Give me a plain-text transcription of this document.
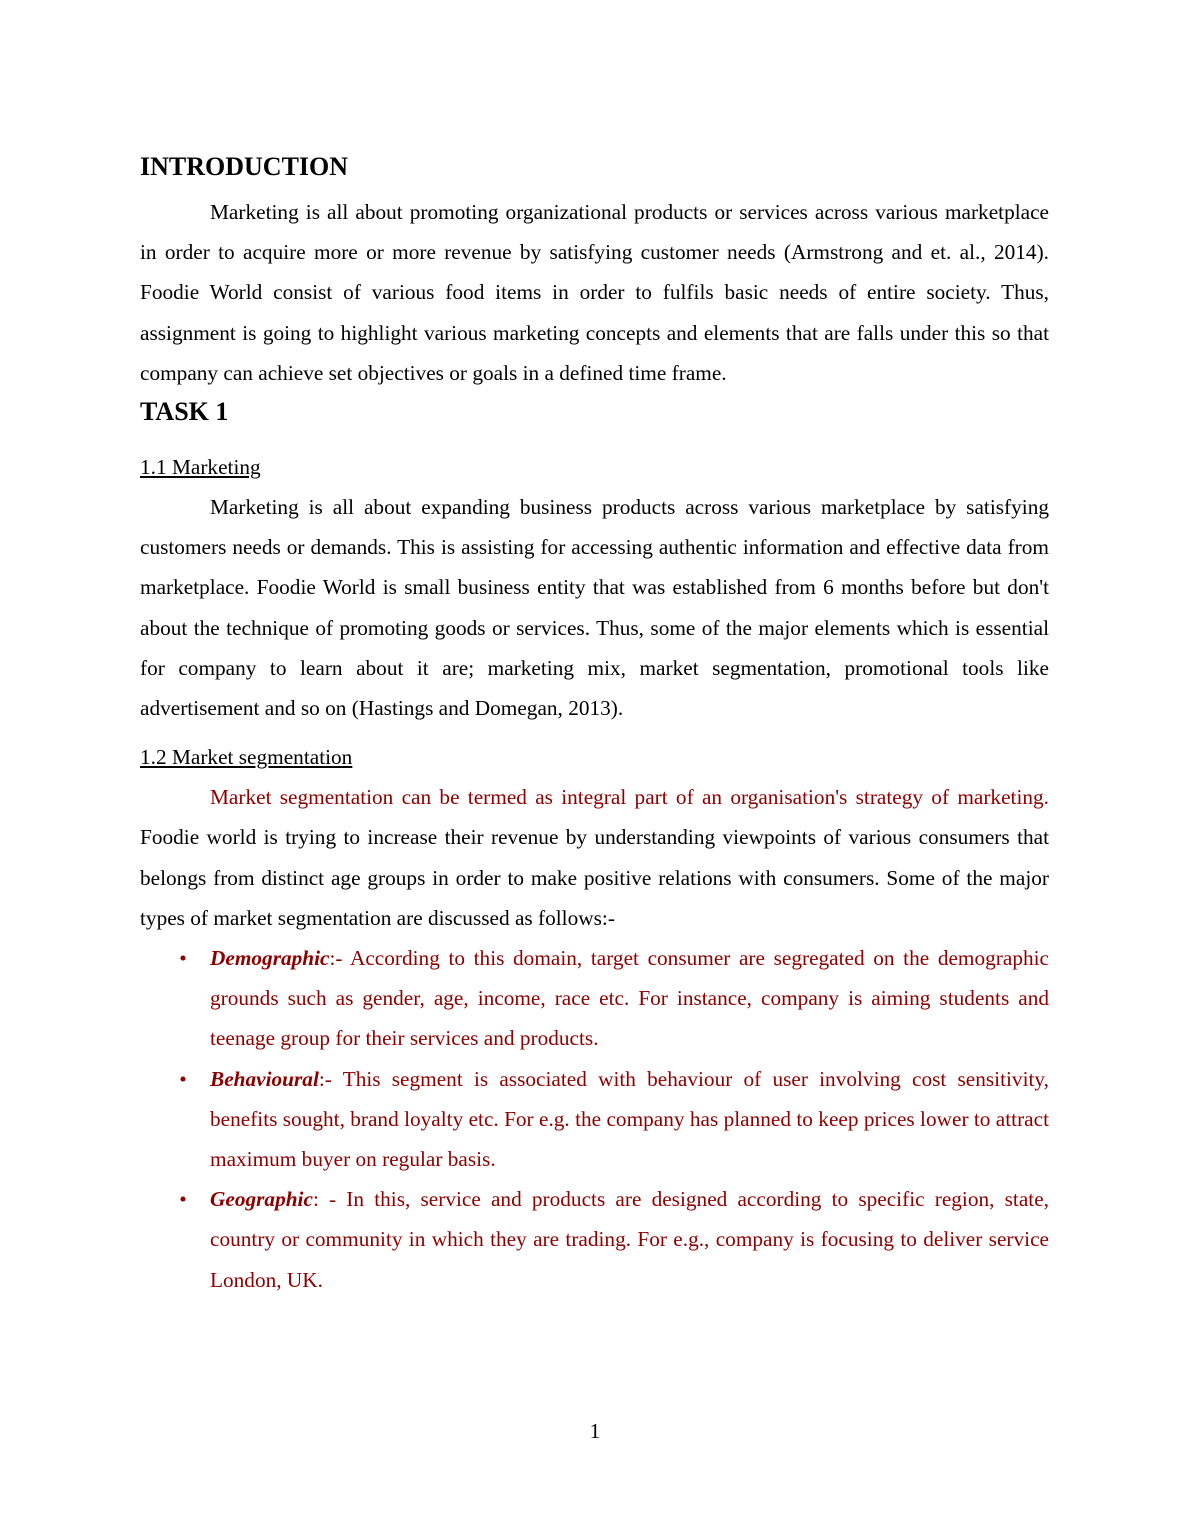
INTRODUCTION

Marketing is all about promoting organizational products or services across various marketplace in order to acquire more or more revenue by satisfying customer needs (Armstrong and et. al., 2014). Foodie World consist of various food items in order to fulfils basic needs of entire society. Thus, assignment is going to highlight various marketing concepts and elements that are falls under this so that company can achieve set objectives or goals in a defined time frame.

TASK 1
1.1 Marketing

Marketing is all about expanding business products across various marketplace by satisfying customers needs or demands. This is assisting for accessing authentic information and effective data from marketplace. Foodie World is small business entity that was established from 6 months before but don't about the technique of promoting goods or services. Thus, some of the major elements which is essential for company to learn about it are; marketing mix, market segmentation, promotional tools like advertisement and so on (Hastings and Domegan, 2013).

1.2 Market segmentation

Market segmentation can be termed as integral part of an organisation's strategy of marketing. Foodie world is trying to increase their revenue by understanding viewpoints of various consumers that belongs from distinct age groups in order to make positive relations with consumers. Some of the major types of market segmentation are discussed as follows:-

• Demographic:- According to this domain, target consumer are segregated on the demographic grounds such as gender, age, income, race etc. For instance, company is aiming students and teenage group for their services and products.
• Behavioural:- This segment is associated with behaviour of user involving cost sensitivity, benefits sought, brand loyalty etc. For e.g. the company has planned to keep prices lower to attract maximum buyer on regular basis.
• Geographic: - In this, service and products are designed according to specific region, state, country or community in which they are trading. For e.g., company is focusing to deliver service London, UK.
1
